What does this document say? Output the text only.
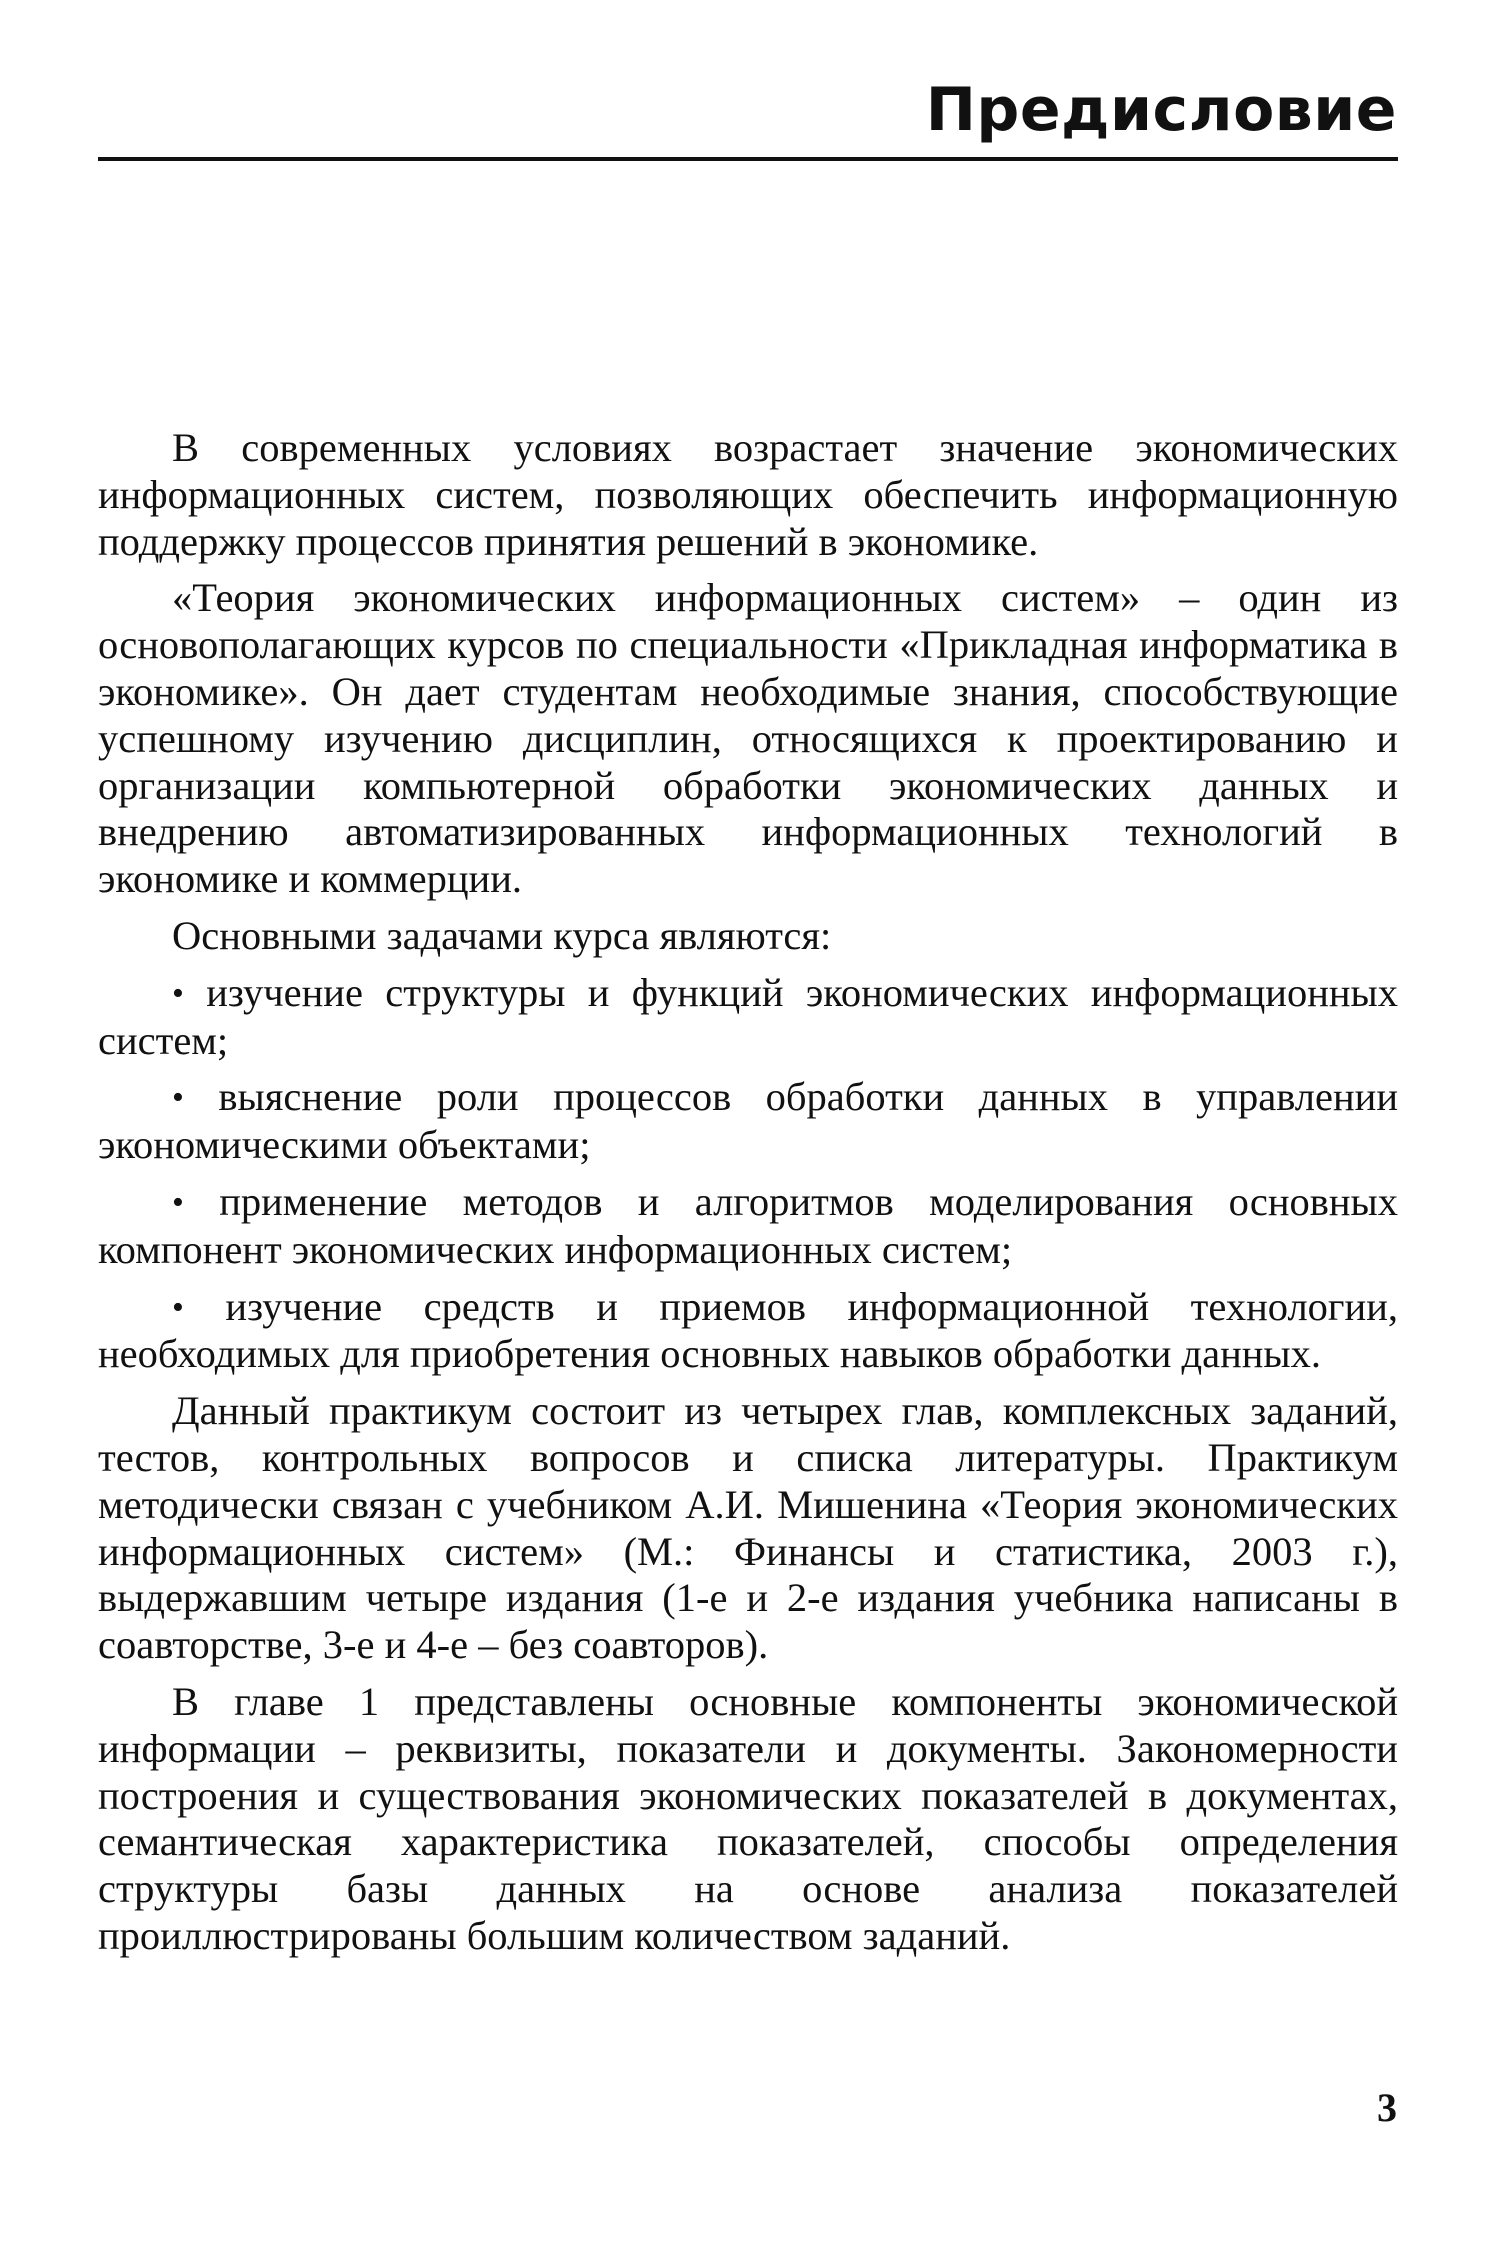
Предисловие

В современных условиях возрастает значение экономических информационных систем, позволяющих обеспечить информационную поддержку процессов принятия решений в экономике.

«Теория экономических информационных систем» – один из основополагающих курсов по специальности «Прикладная информатика в экономике». Он дает студентам необходимые знания, способствующие успешному изучению дисциплин, относящихся к проектированию и организации компьютерной обработки экономических данных и внедрению автоматизированных информационных технологий в экономике и коммерции.

Основными задачами курса являются:

• изучение структуры и функций экономических информационных систем;

• выяснение роли процессов обработки данных в управлении экономическими объектами;

• применение методов и алгоритмов моделирования основных компонент экономических информационных систем;

• изучение средств и приемов информационной технологии, необходимых для приобретения основных навыков обработки данных.

Данный практикум состоит из четырех глав, комплексных заданий, тестов, контрольных вопросов и списка литературы. Практикум методически связан с учебником А.И. Мишенина «Теория экономических информационных систем» (М.: Финансы и статистика, 2003 г.), выдержавшим четыре издания (1-е и 2-е издания учебника написаны в соавторстве, 3-е и 4-е – без соавторов).

В главе 1 представлены основные компоненты экономической информации – реквизиты, показатели и документы. Закономерности построения и существования экономических показателей в документах, семантическая характеристика показателей, способы определения структуры базы данных на основе анализа показателей проиллюстрированы большим количеством заданий.

3
